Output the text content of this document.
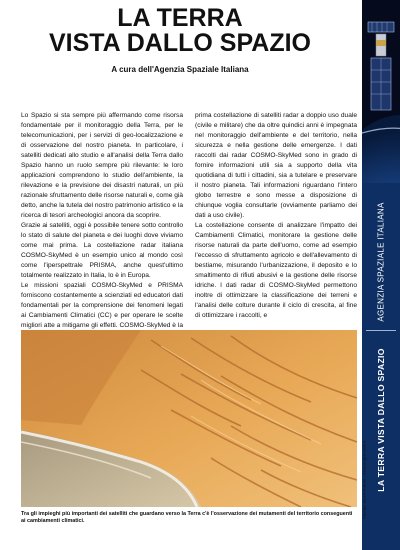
LA TERRA
VISTA DALLO SPAZIO

A cura dell'Agenzia Spaziale Italiana

Lo Spazio si sta sempre più affermando come risorsa fondamentale per il monitoraggio della Terra, per le telecomunicazioni, per i servizi di geo-localizzazione e di osservazione del nostro pianeta. In particolare, i satelliti dedicati allo studio e all'analisi della Terra dallo Spazio hanno un ruolo sempre più rilevante: le loro applicazioni comprendono lo studio dell'ambiente, la rilevazione e la previsione dei disastri naturali, un più razionale sfruttamento delle risorse naturali e, come già detto, anche la tutela del nostro patrimonio artistico e la ricerca di tesori archeologici ancora da scoprire.

Grazie ai satelliti, oggi è possibile tenere sotto controllo lo stato di salute del pianeta e dei luoghi dove viviamo come mai prima. La costellazione radar italiana COSMO-SkyMed è un esempio unico al mondo così come l'iperspettrale PRISMA, anche quest'ultimo totalmente realizzato in Italia, lo è in Europa.

Le missioni spaziali COSMO-SkyMed e PRISMA forniscono costantemente a scienziati ed educatori dati fondamentali per la comprensione dei fenomeni legati ai Cambiamenti Climatici (CC) e per operare le scelte migliori atte a mitigarne gli effetti. COSMO-SkyMed è la prima costellazione di satelliti radar a doppio uso duale (civile e militare) che da oltre quindici anni è impegnata nel monitoraggio dell'ambiente e del territorio, nella sicurezza e nella gestione delle emergenze. I dati raccolti dai radar COSMO-SkyMed sono in grado di fornire informazioni utili sia a supporto della vita quotidiana di tutti i cittadini, sia a tutelare e preservare il nostro pianeta. Tali informazioni riguardano l'intero globo terrestre e sono messe a disposizione di chiunque voglia consultarle (ovviamente parliamo dei dati a uso civile).

La costellazione consente di analizzare l'impatto dei Cambiamenti Climatici, monitorare la gestione delle risorse naturali da parte dell'uomo, come ad esempio l'eccesso di sfruttamento agricolo e dell'allevamento di bestiame, misurando l'urbanizzazione, il deposito e lo smaltimento di rifiuti abusivi e la gestione delle risorse idriche. I dati radar di COSMO-SkyMed permettono inoltre di ottimizzare la classificazione dei terreni e l'analisi delle colture durante il ciclo di crescita, al fine di ottimizzare i raccolti, e

Tra gli impieghi più importanti dei satelliti che guardano verso la Terra c'è l'osservazione dei mutamenti del territorio conseguenti ai cambiamenti climatici.

AGENZIA SPAZIALE ITALIANA
LA TERRA VISTA DALLO SPAZIO
©Sergio Barelli Editore - www.sergiobarelli.it
